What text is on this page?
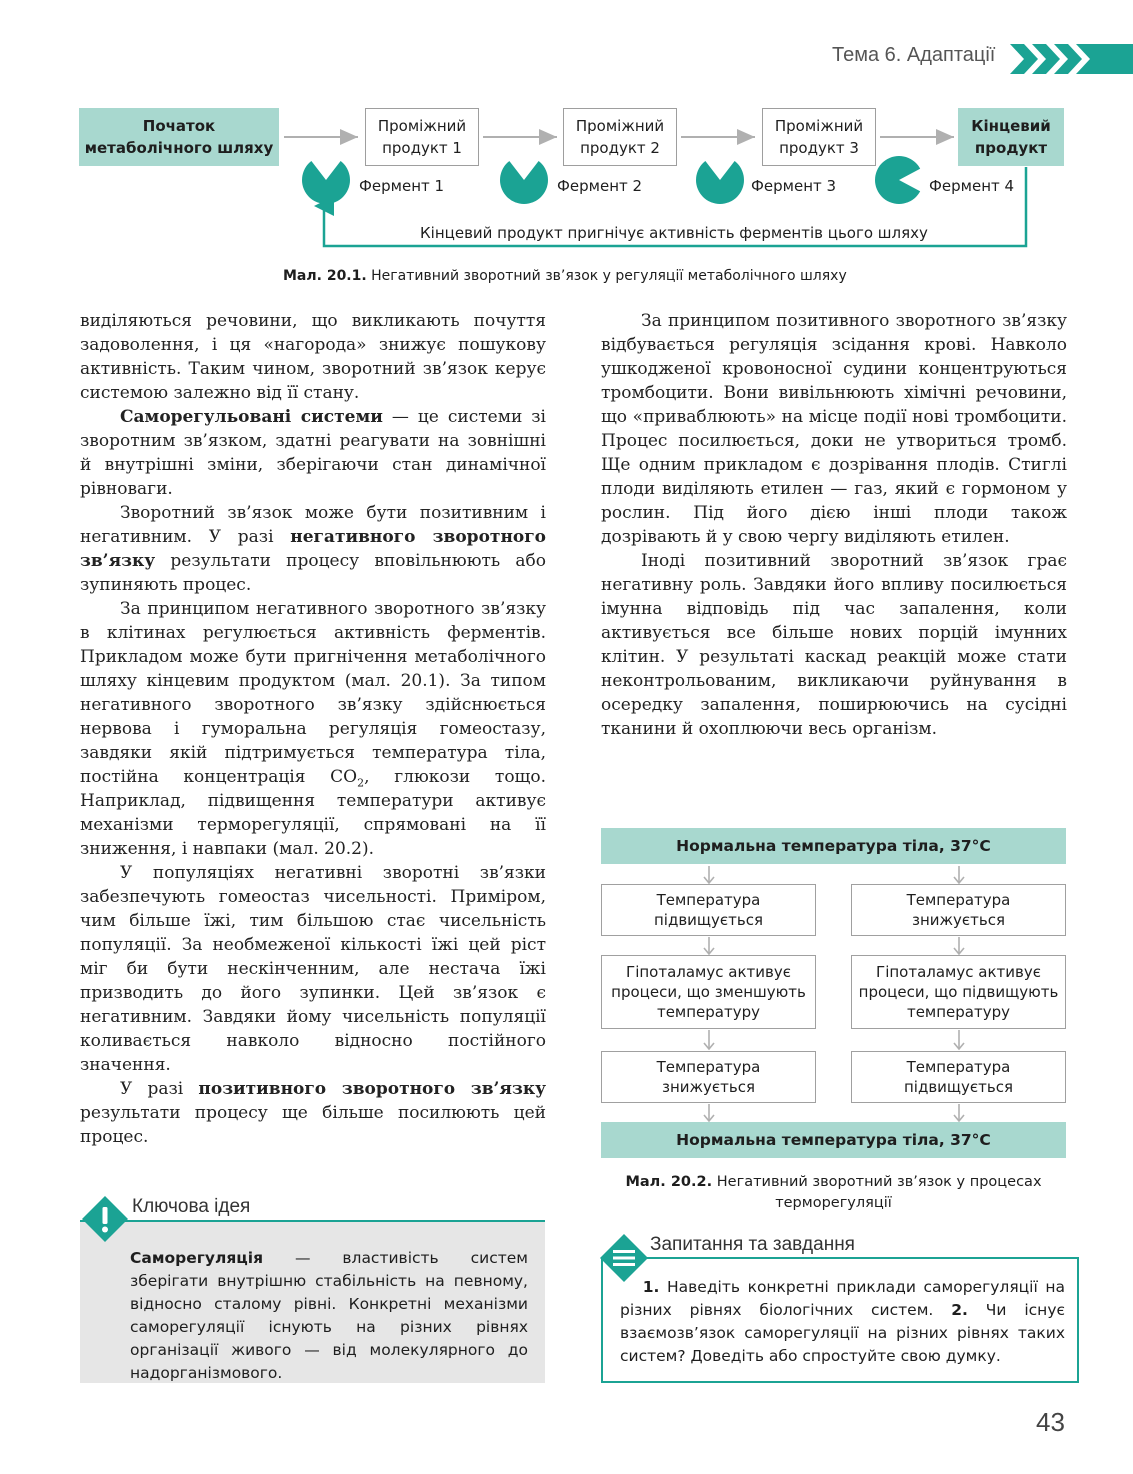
Тема 6. Адаптації
Початок
метаболічного шляху
Проміжний
продукт 1
Проміжний
продукт 2
Проміжний
продукт 3
Кінцевий
продукт
Фермент 1	Фермент 2	Фермент 3	Фермент 4
Кінцевий продукт пригнічує активність ферментів цього шляху
Мал. 20.1. Негативний зворотний зв’язок у регуляції метаболічного шляху

виділяються речовини, що викликають почуття задоволення, і ця «нагорода» знижує пошукову активність. Таким чином, зворотний зв’язок керує системою залежно від її стану.

Саморегульовані системи — це системи зі зворотним зв’язком, здатні реагувати на зовнішні й внутрішні зміни, зберігаючи стан динамічної рівноваги.

Зворотний зв’язок може бути позитивним і негативним. У разі негативного зворотного зв’язку результати процесу вповільнюють або зупиняють процес.

За принципом негативного зворотного зв’язку в клітинах регулюється активність ферментів. Прикладом може бути пригнічення метаболічного шляху кінцевим продуктом (мал. 20.1). За типом негативного зворотного зв’язку здійснюється нервова і гуморальна регуляція гомеостазу, завдяки якій підтримується температура тіла, постійна концентрація $CO_2$, глюкози тощо. Наприклад, підвищення температури активує механізми терморегуляції, спрямовані на її зниження, і навпаки (мал. 20.2).

У популяціях негативні зворотні зв’язки забезпечують гомеостаз чисельності. Приміром, чим більше їжі, тим більшою стає чисельність популяції. За необмеженої кількості їжі цей ріст міг би бути нескінченним, але нестача їжі призводить до його зупинки. Цей зв’язок є негативним. Завдяки йому чисельність популяції коливається навколо відносно постійного значення.

У разі позитивного зворотного зв’язку результати процесу ще більше посилюють цей процес.

За принципом позитивного зворотного зв’язку відбувається регуляція зсідання крові. Навколо ушкодженої кровоносної судини концентруються тромбоцити. Вони вивільнюють хімічні речовини, що «приваблюють» на місце події нові тромбоцити. Процес посилюється, доки не утвориться тромб. Ще одним прикладом є дозрівання плодів. Стиглі плоди виділяють етилен — газ, який є гормоном у рослин. Під його дією інші плоди також дозрівають й у свою чергу виділяють етилен.

Іноді позитивний зворотний зв’язок грає негативну роль. Завдяки його впливу посилюється імунна відповідь під час запалення, коли активується все більше нових порцій імунних клітин. У результаті каскад реакцій може стати неконтрольованим, викликаючи руйнування в осередку запалення, поширюючись на сусідні тканини й охоплюючи весь організм.

Нормальна температура тіла, 37°C
Температура підвищується
Гіпоталамус активує процеси, що зменшують температуру
Температура знижується
Температура знижується
Гіпоталамус активує процеси, що підвищують температуру
Температура підвищується
Нормальна температура тіла, 37°C
Мал. 20.2. Негативний зворотний зв’язок у процесах терморегуляції
Ключова ідея
Саморегуляція — властивість систем зберігати внутрішню стабільність на певному, відносно сталому рівні. Конкретні механізми саморегуляції існують на різних рівнях організації живого — від молекулярного до надорганізмового.
Запитання та завдання
1. Наведіть конкретні приклади саморегуляції на різних рівнях біологічних систем. 2. Чи існує взаємозв’язок саморегуляції на різних рівнях таких систем? Доведіть або спростуйте свою думку.
43
